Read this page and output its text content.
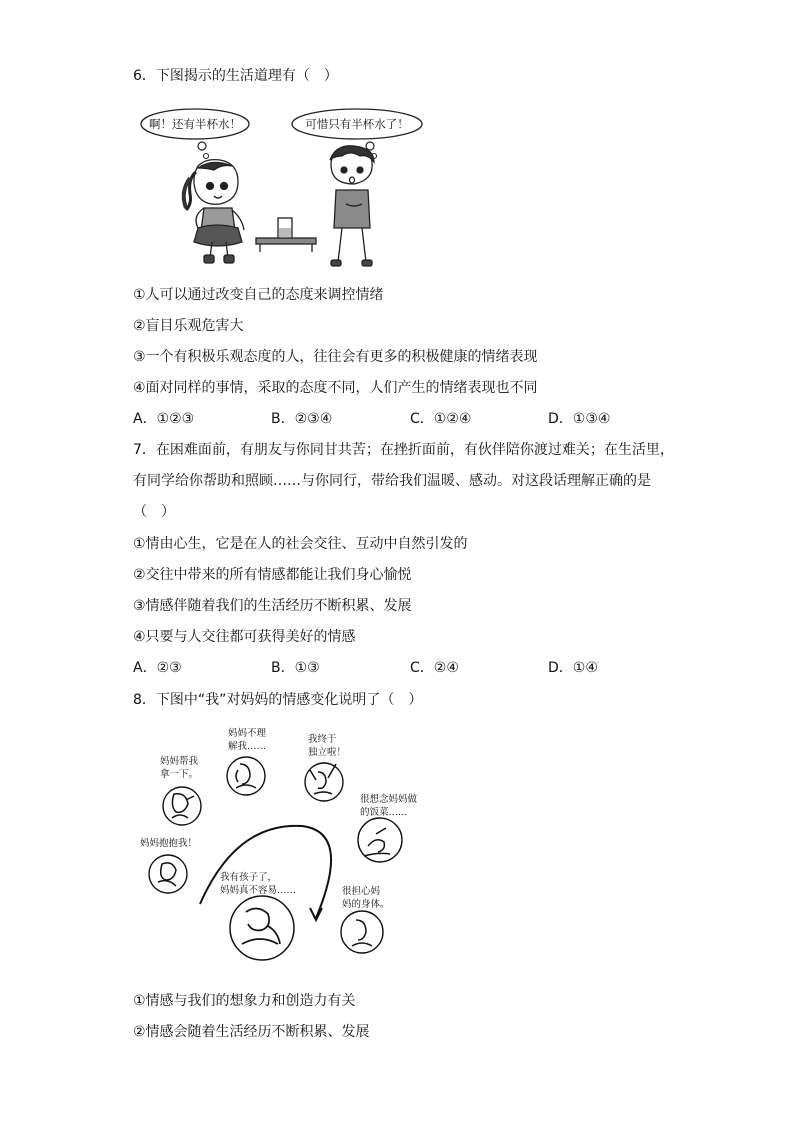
6．下图揭示的生活道理有（　）
啊！还有半杯水！	可惜只有半杯水了！
①人可以通过改变自己的态度来调控情绪
②盲目乐观危害大
③一个有积极乐观态度的人，往往会有更多的积极健康的情绪表现
④面对同样的事情，采取的态度不同，人们产生的情绪表现也不同
A．①②③	B．②③④	C．①②④	D．①③④
7．在困难面前，有朋友与你同甘共苦；在挫折面前，有伙伴陪你渡过难关；在生活里，
有同学给你帮助和照顾……与你同行，带给我们温暖、感动。对这段话理解正确的是
（　）
①情由心生，它是在人的社会交往、互动中自然引发的
②交往中带来的所有情感都能让我们身心愉悦
③情感伴随着我们的生活经历不断积累、发展
④只要与人交往都可获得美好的情感
A．②③	B．①③	C．②④	D．①④
8．下图中“我”对妈妈的情感变化说明了（　）
妈妈抱抱我！
妈妈帮我
拿一下。
妈妈不理
解我……
我终于
独立啦！
很想念妈妈做
的饭菜……
我有孩子了，
妈妈真不容易……	很担心妈
妈的身体。
①情感与我们的想象力和创造力有关
②情感会随着生活经历不断积累、发展
